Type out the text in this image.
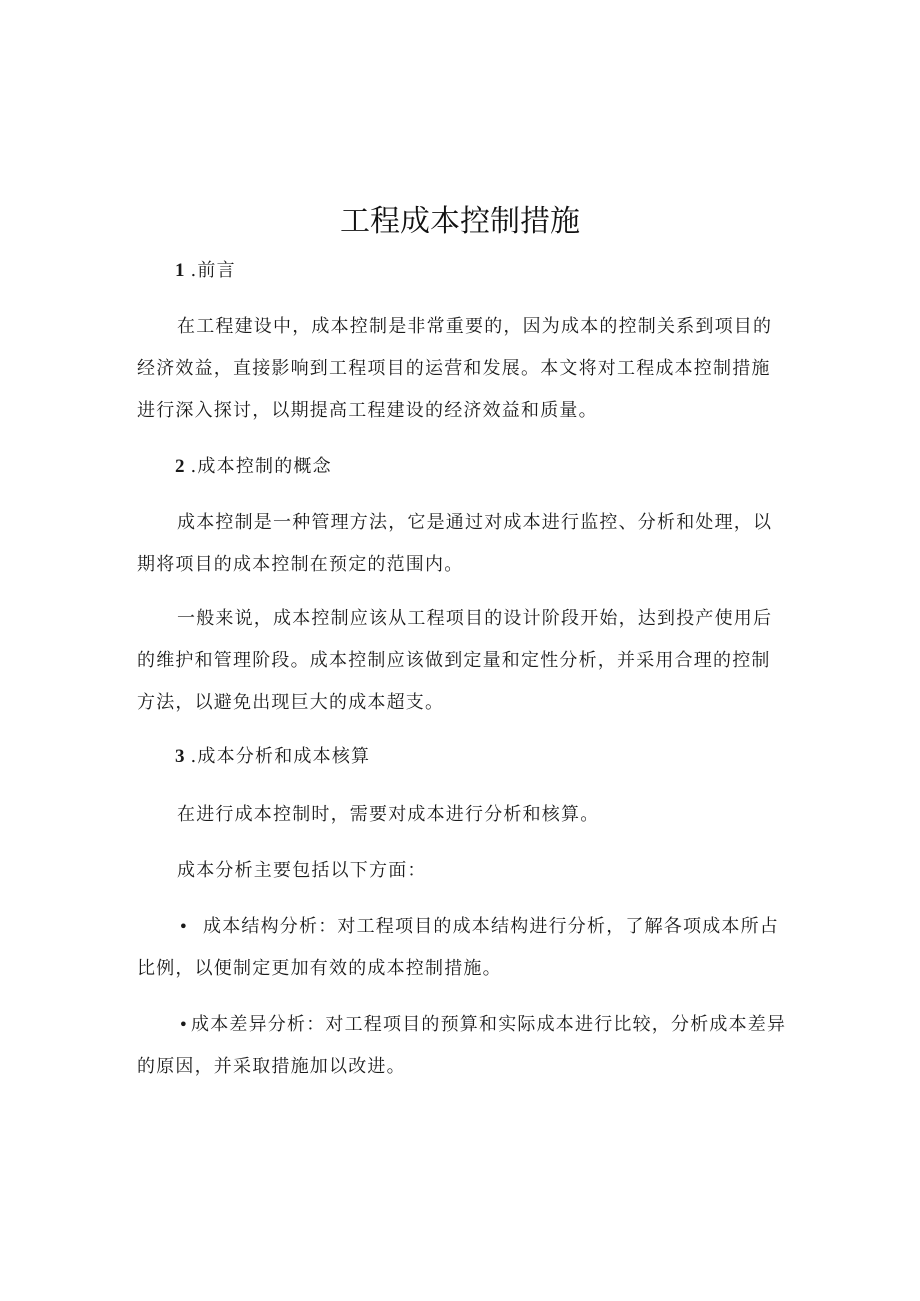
工程成本控制措施
1 .前言

在工程建设中，成本控制是非常重要的，因为成本的控制关系到项目的经济效益，直接影响到工程项目的运营和发展。本文将对工程成本控制措施进行深入探讨，以期提高工程建设的经济效益和质量。

2 .成本控制的概念

成本控制是一种管理方法，它是通过对成本进行监控、分析和处理，以期将项目的成本控制在预定的范围内。

一般来说，成本控制应该从工程项目的设计阶段开始，达到投产使用后的维护和管理阶段。成本控制应该做到定量和定性分析，并采用合理的控制方法，以避免出现巨大的成本超支。

3 .成本分析和成本核算

在进行成本控制时，需要对成本进行分析和核算。

成本分析主要包括以下方面：

• 成本结构分析：对工程项目的成本结构进行分析，了解各项成本所占比例，以便制定更加有效的成本控制措施。

•成本差异分析：对工程项目的预算和实际成本进行比较，分析成本差异的原因，并采取措施加以改进。
